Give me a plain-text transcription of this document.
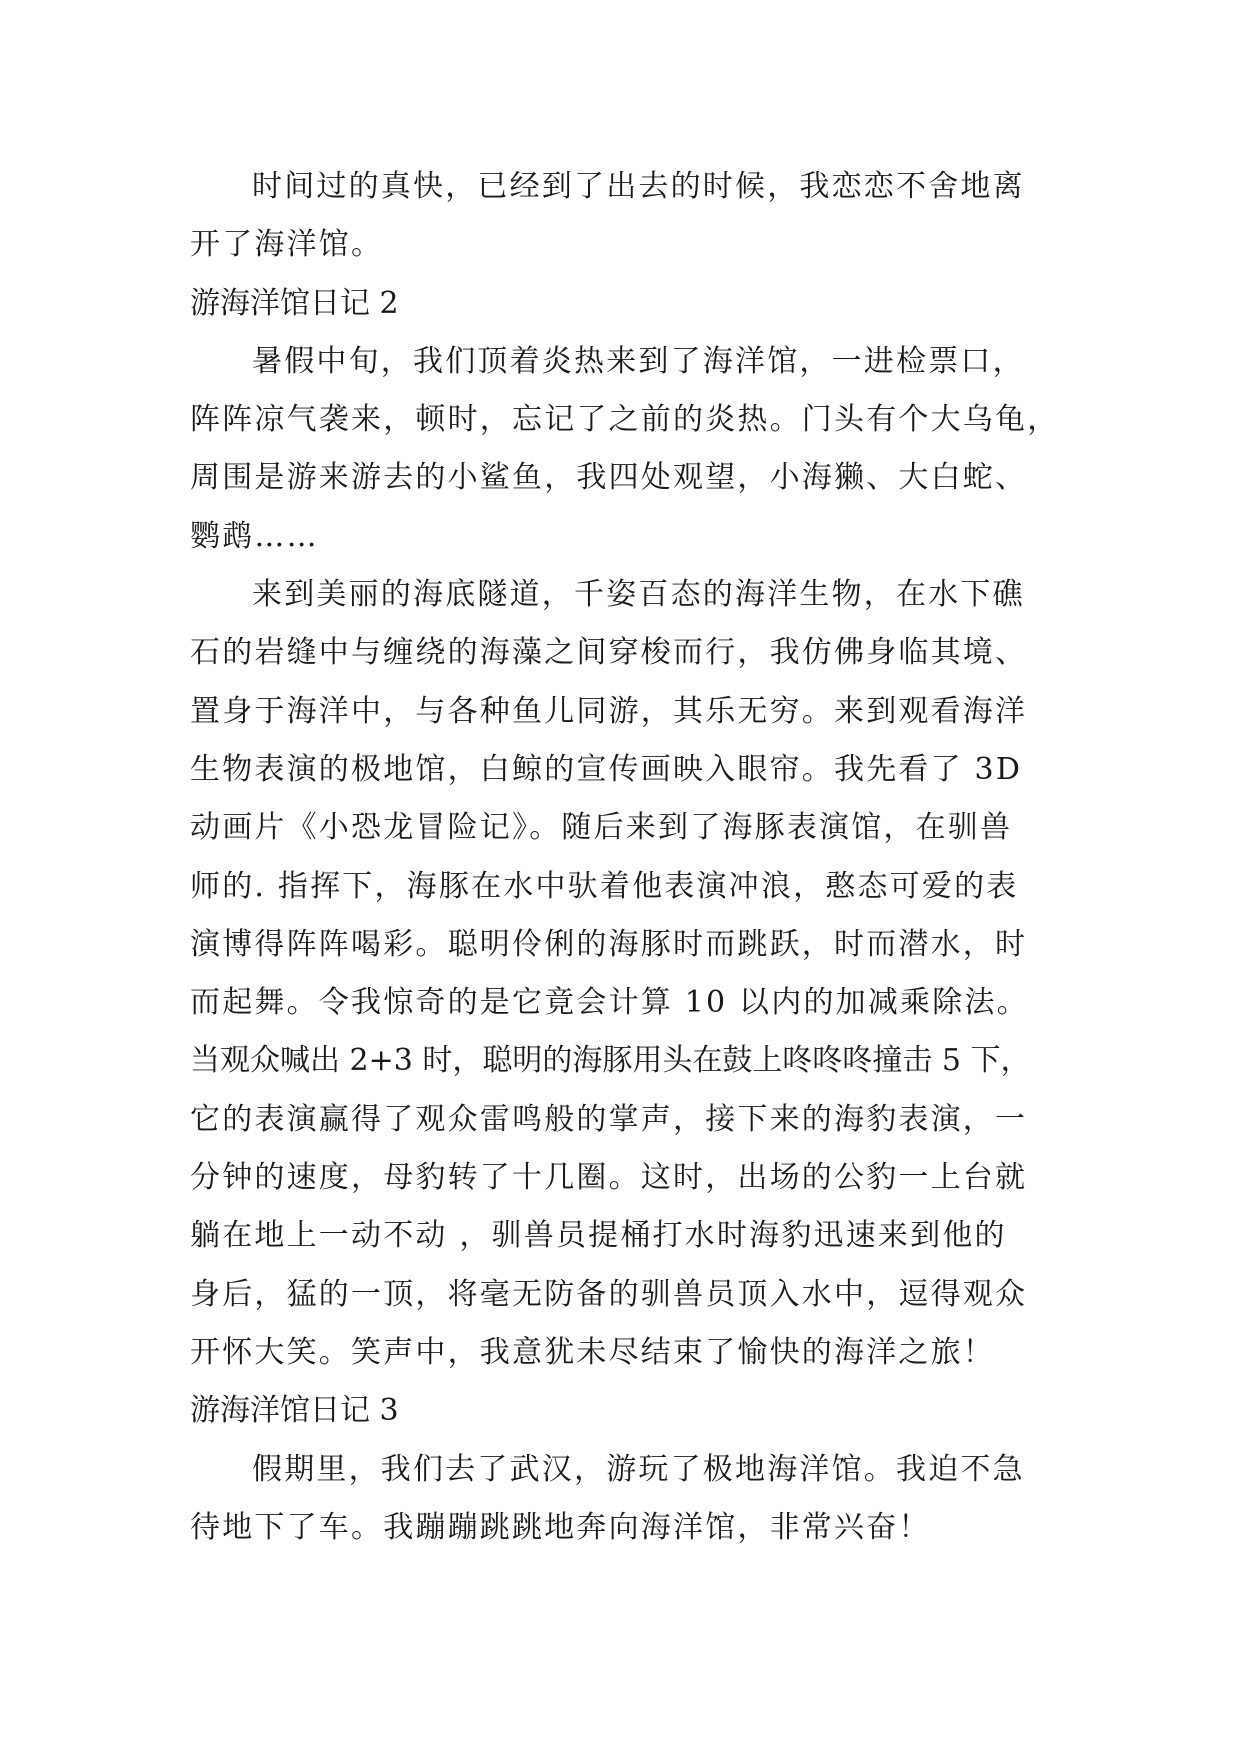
时间过的真快，已经到了出去的时候，我恋恋不舍地离
开了海洋馆。
游海洋馆日记 2
暑假中旬，我们顶着炎热来到了海洋馆，一进检票口，
阵阵凉气袭来，顿时，忘记了之前的炎热。门头有个大乌龟，
周围是游来游去的小鲨鱼，我四处观望，小海獭、大白蛇、
鹦鹉……
来到美丽的海底隧道，千姿百态的海洋生物，在水下礁
石的岩缝中与缠绕的海藻之间穿梭而行，我仿佛身临其境、
置身于海洋中，与各种鱼儿同游，其乐无穷。来到观看海洋
生物表演的极地馆，白鲸的宣传画映入眼帘。我先看了 3D
动画片《小恐龙冒险记》。随后来到了海豚表演馆，在驯兽
师的. 指挥下，海豚在水中驮着他表演冲浪，憨态可爱的表
演博得阵阵喝彩。聪明伶俐的海豚时而跳跃，时而潜水，时
而起舞。令我惊奇的是它竟会计算 10 以内的加减乘除法。
当观众喊出 2+3 时，聪明的海豚用头在鼓上咚咚咚撞击 5 下，
它的表演赢得了观众雷鸣般的掌声，接下来的海豹表演，一
分钟的速度，母豹转了十几圈。这时，出场的公豹一上台就
躺在地上一动不动 ，驯兽员提桶打水时海豹迅速来到他的
身后，猛的一顶，将毫无防备的驯兽员顶入水中，逗得观众
开怀大笑。笑声中，我意犹未尽结束了愉快的海洋之旅！
游海洋馆日记 3
假期里，我们去了武汉，游玩了极地海洋馆。我迫不急
待地下了车。我蹦蹦跳跳地奔向海洋馆，非常兴奋！
